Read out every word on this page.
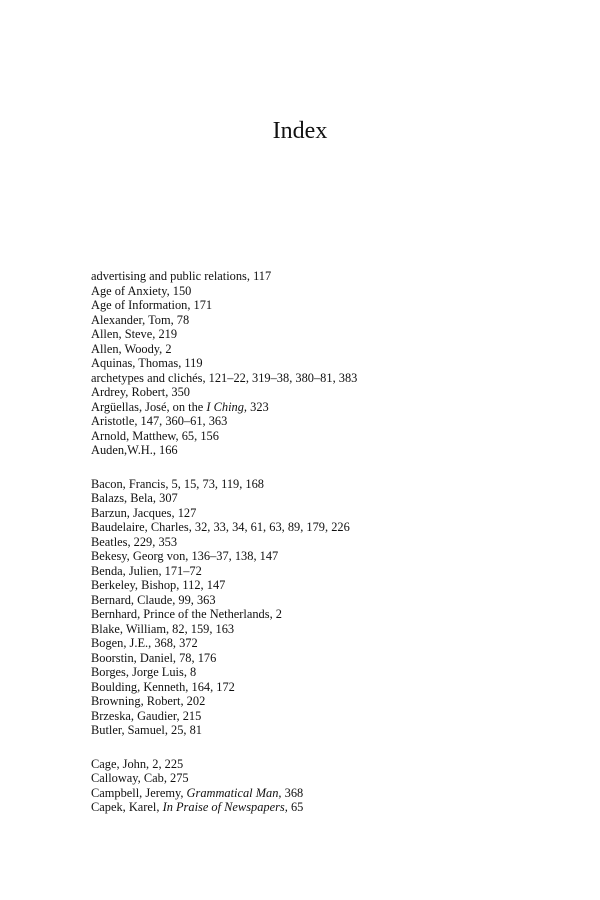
Index
advertising and public relations, 117
Age of Anxiety, 150
Age of Information, 171
Alexander, Tom, 78
Allen, Steve, 219
Allen, Woody, 2
Aquinas, Thomas, 119
archetypes and clichés, 121–22, 319–38, 380–81, 383
Ardrey, Robert, 350
Argüellas, José, on the I Ching, 323
Aristotle, 147, 360–61, 363
Arnold, Matthew, 65, 156
Auden,W.H., 166
Bacon, Francis, 5, 15, 73, 119, 168
Balazs, Bela, 307
Barzun, Jacques, 127
Baudelaire, Charles, 32, 33, 34, 61, 63, 89, 179, 226
Beatles, 229, 353
Bekesy, Georg von, 136–37, 138, 147
Benda, Julien, 171–72
Berkeley, Bishop, 112, 147
Bernard, Claude, 99, 363
Bernhard, Prince of the Netherlands, 2
Blake, William, 82, 159, 163
Bogen, J.E., 368, 372
Boorstin, Daniel, 78, 176
Borges, Jorge Luis, 8
Boulding, Kenneth, 164, 172
Browning, Robert, 202
Brzeska, Gaudier, 215
Butler, Samuel, 25, 81
Cage, John, 2, 225
Calloway, Cab, 275
Campbell, Jeremy, Grammatical Man, 368
Capek, Karel, In Praise of Newspapers, 65
